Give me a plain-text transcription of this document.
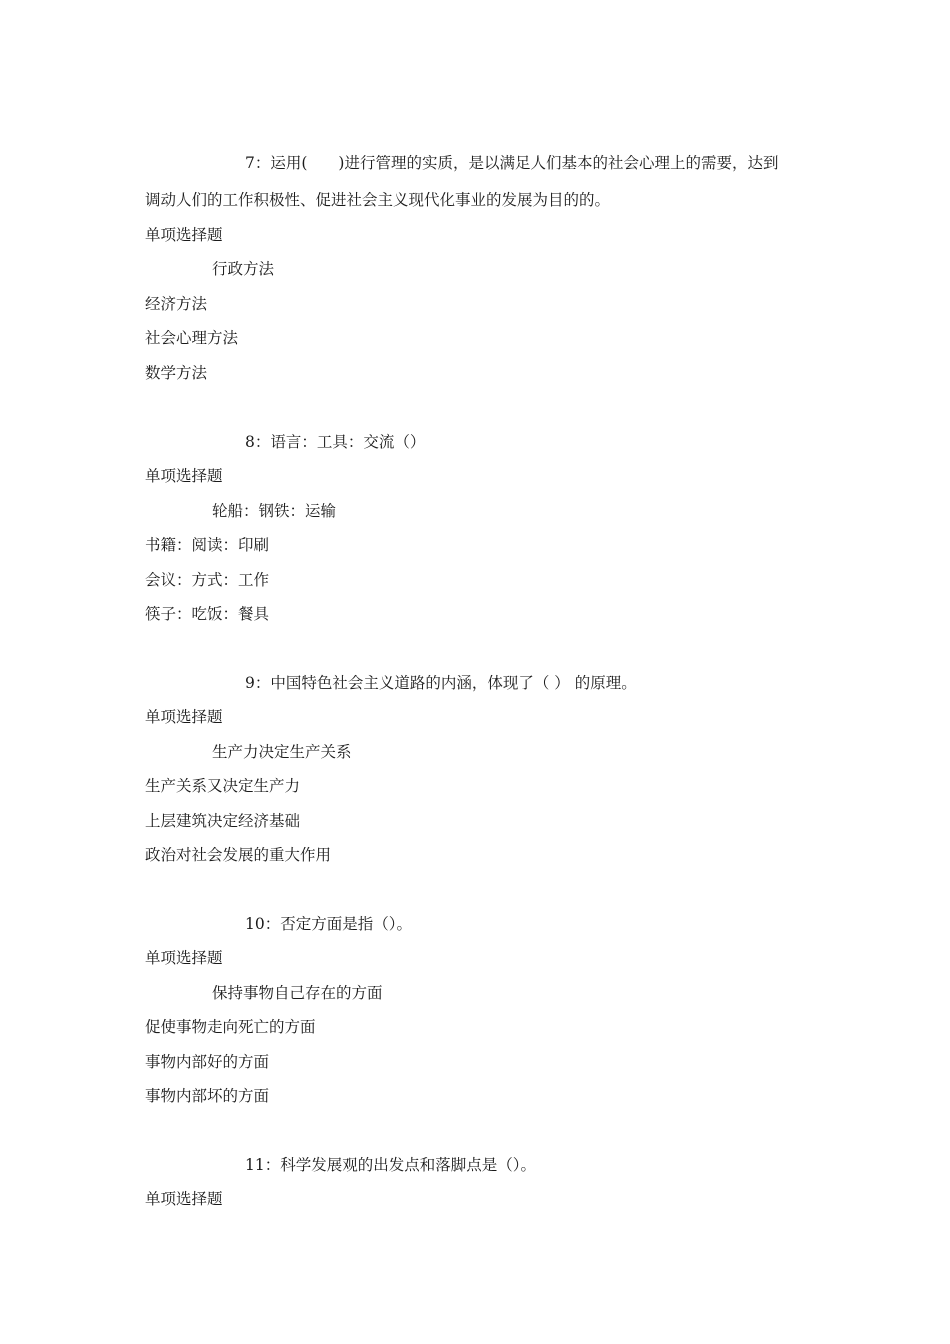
7：运用(　　)进行管理的实质，是以满足人们基本的社会心理上的需要，达到
调动人们的工作积极性、促进社会主义现代化事业的发展为目的的。
单项选择题
行政方法
经济方法
社会心理方法
数学方法
8：语言：工具：交流（）
单项选择题
轮船：钢铁：运输
书籍：阅读：印刷
会议：方式：工作
筷子：吃饭：餐具
9：中国特色社会主义道路的内涵，体现了（ ） 的原理。
单项选择题
生产力决定生产关系
生产关系又决定生产力
上层建筑决定经济基础
政治对社会发展的重大作用
10：否定方面是指（）。
单项选择题
保持事物自己存在的方面
促使事物走向死亡的方面
事物内部好的方面
事物内部坏的方面
11：科学发展观的出发点和落脚点是（）。
单项选择题
